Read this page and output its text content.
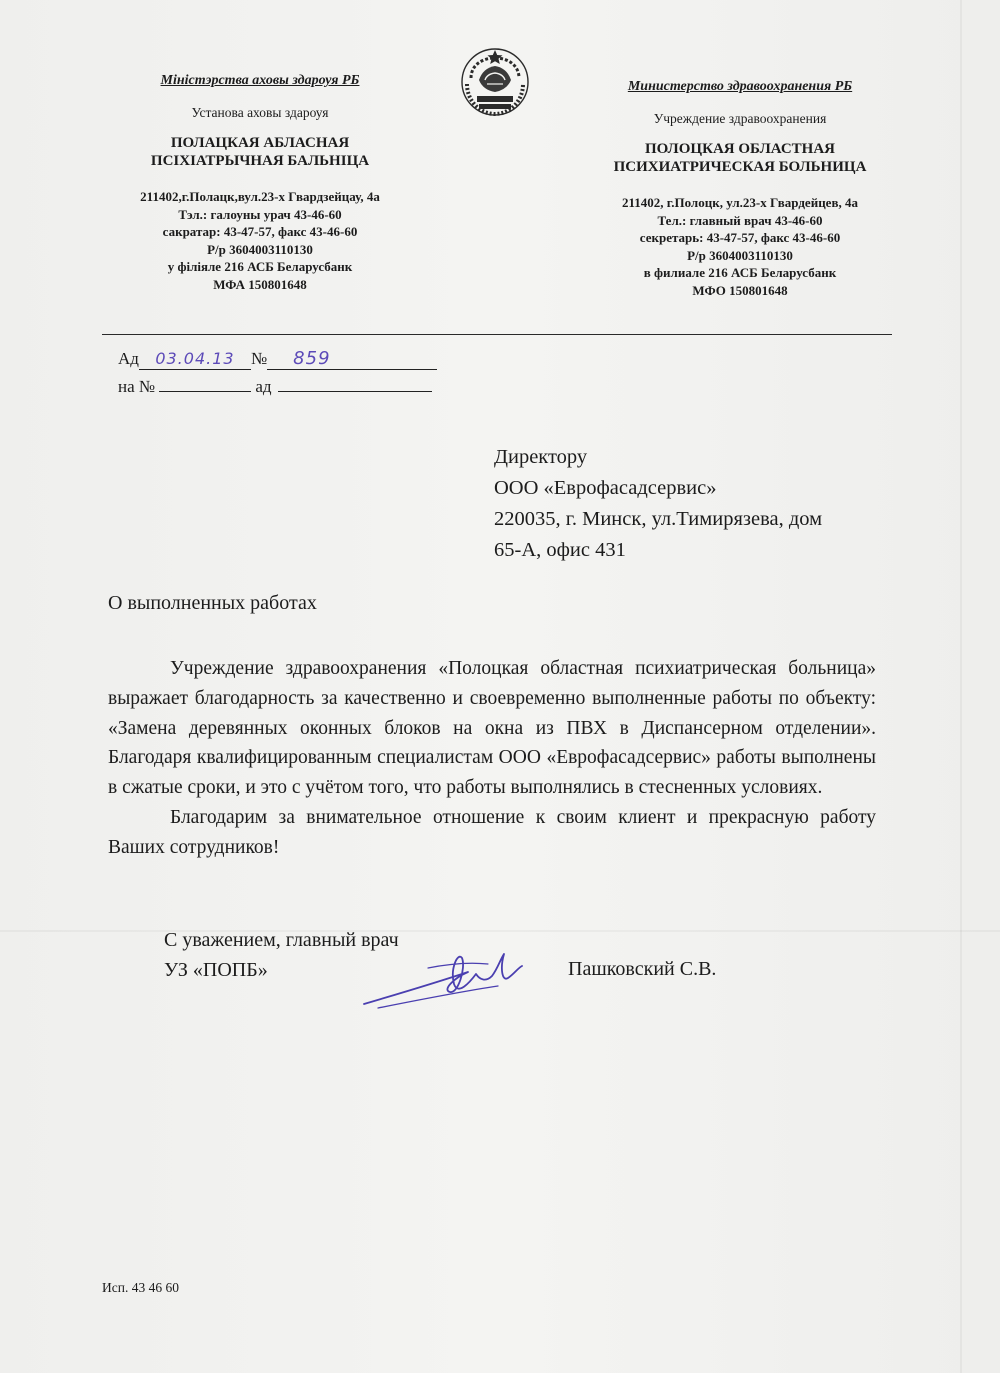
Міністэрства аховы здароуя РБ
Установа аховы здароуя
ПОЛАЦКАЯ АБЛАСНАЯ
ПСІХІАТРЫЧНАЯ БАЛЬНІЦА
211402,г.Полацк,вул.23-х Гвардзейцау, 4а
Тэл.: галоуны урач 43-46-60
сакратар: 43-47-57, факс 43-46-60
Р/р 3604003110130
у філіяле 216 АСБ Беларусбанк
МФА 150801648
Министерство здравоохранения РБ
Учреждение здравоохранения
ПОЛОЦКАЯ ОБЛАСТНАЯ
ПСИХИАТРИЧЕСКАЯ БОЛЬНИЦА
211402, г.Полоцк, ул.23-х Гвардейцев, 4а
Тел.: главный врач 43-46-60
секретарь: 43-47-57, факс 43-46-60
Р/р 3604003110130
в филиале 216 АСБ Беларусбанк
МФО 150801648
Ад 03.04.13 № 859
на №	ад
Директору
ООО «Еврофасадсервис»
220035, г. Минск, ул.Тимирязева, дом
65-А, офис 431
О выполненных работах

Учреждение здравоохранения «Полоцкая областная психиатрическая больница» выражает благодарность за качественно и своевременно выполненные работы по объекту: «Замена деревянных оконных блоков на окна из ПВХ в Диспансерном отделении». Благодаря квалифицированным специалистам ООО «Еврофасадсервис» работы выполнены в сжатые сроки, и это с учётом того, что работы выполнялись в стесненных условиях.

Благодарим за внимательное отношение к своим клиент и прекрасную работу Ваших сотрудников!

С уважением, главный врач
УЗ «ПОПБ»	Пашковский С.В.
Исп. 43 46 60
